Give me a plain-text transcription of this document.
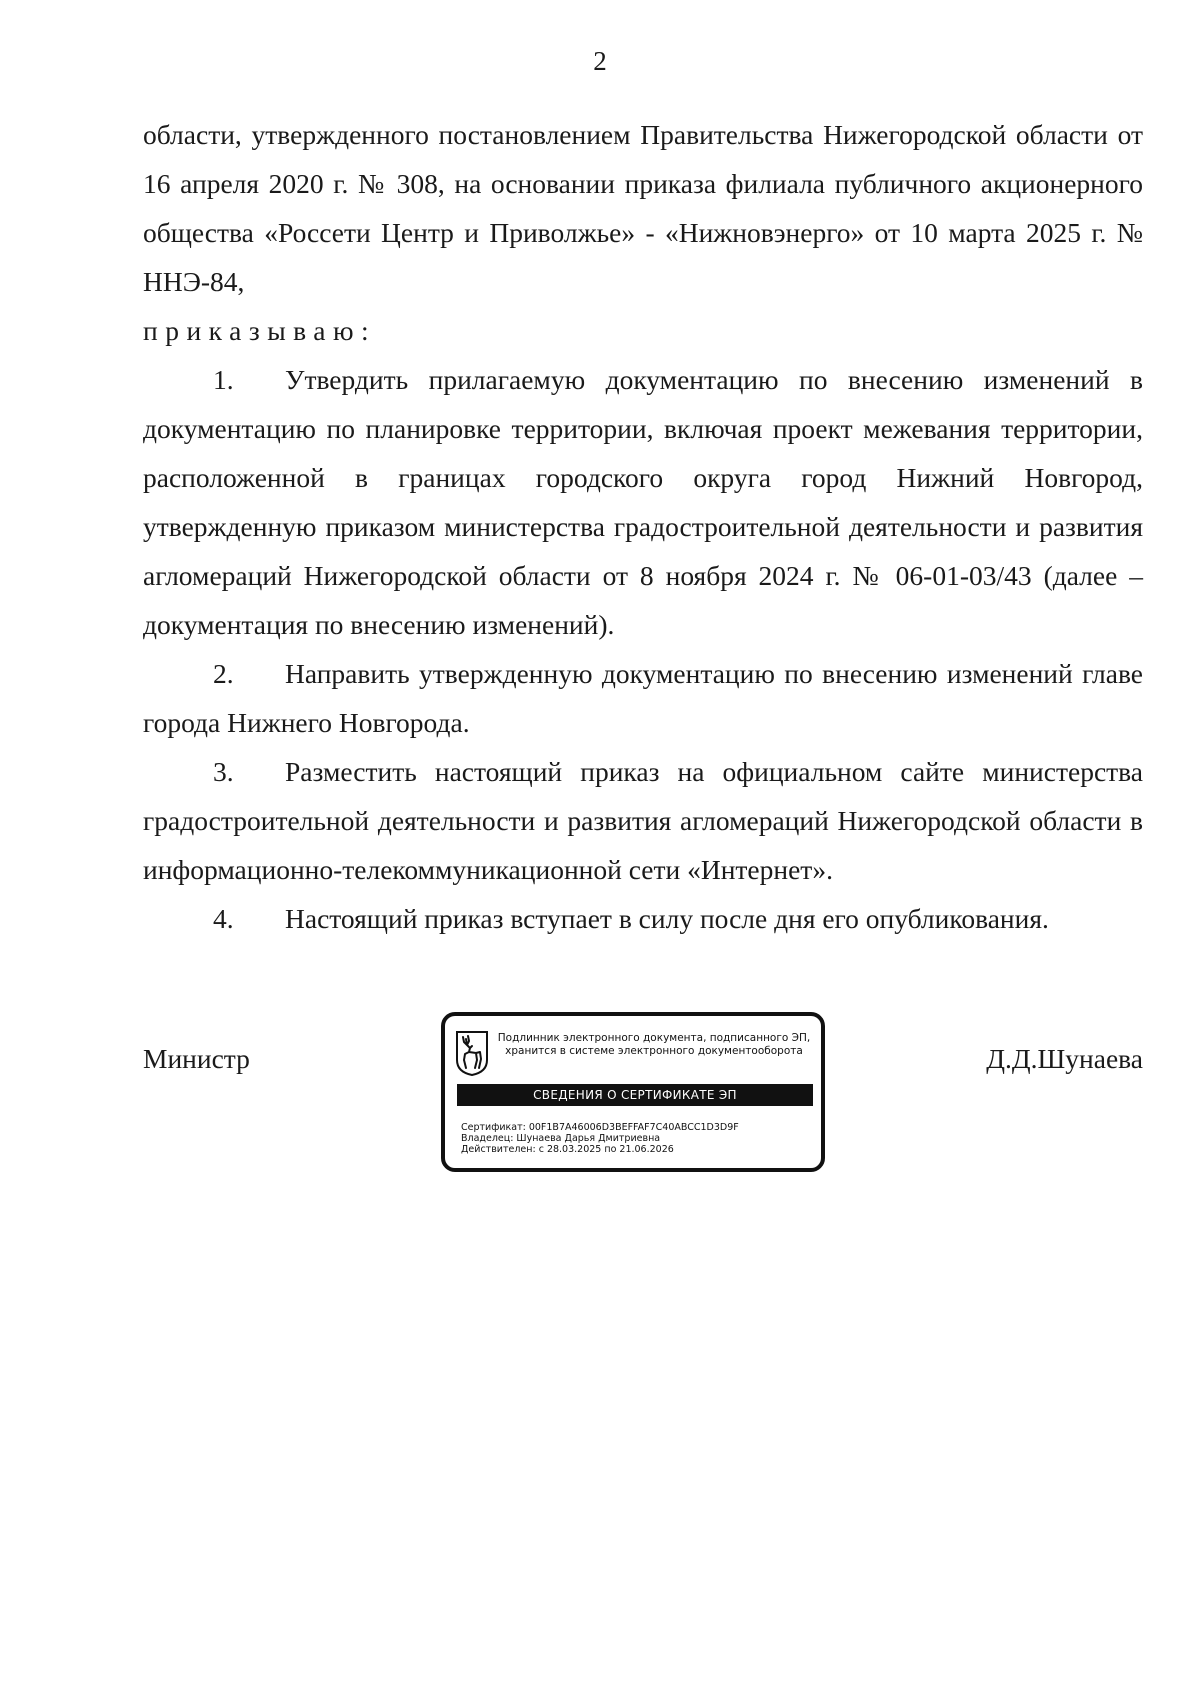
2

области, утвержденного постановлением Правительства Нижегородской области от 16 апреля 2020 г. № 308, на основании приказа филиала публичного акционерного общества «Россети Центр и Приволжье» - «Нижновэнерго» от 10 марта 2025 г. № ННЭ-84,

приказываю:

1. Утвердить прилагаемую документацию по внесению изменений в документацию по планировке территории, включая проект межевания территории, расположенной в границах городского округа город Нижний Новгород, утвержденную приказом министерства градостроительной деятельности и развития агломераций Нижегородской области от 8 ноября 2024 г. № 06-01-03/43 (далее – документация по внесению изменений).

2. Направить утвержденную документацию по внесению изменений главе города Нижнего Новгорода.

3. Разместить настоящий приказ на официальном сайте министерства градостроительной деятельности и развития агломераций Нижегородской области в информационно-телекоммуникационной сети «Интернет».

4. Настоящий приказ вступает в силу после дня его опубликования.

Министр
Подлинник электронного документа, подписанного ЭП,
хранится в системе электронного документооборота
СВЕДЕНИЯ О СЕРТИФИКАТЕ ЭП
Сертификат: 00F1B7A46006D3BEFFAF7C40ABCC1D3D9F
Владелец: Шунаева Дарья Дмитриевна
Действителен: с 28.03.2025 по 21.06.2026
Д.Д.Шунаева
